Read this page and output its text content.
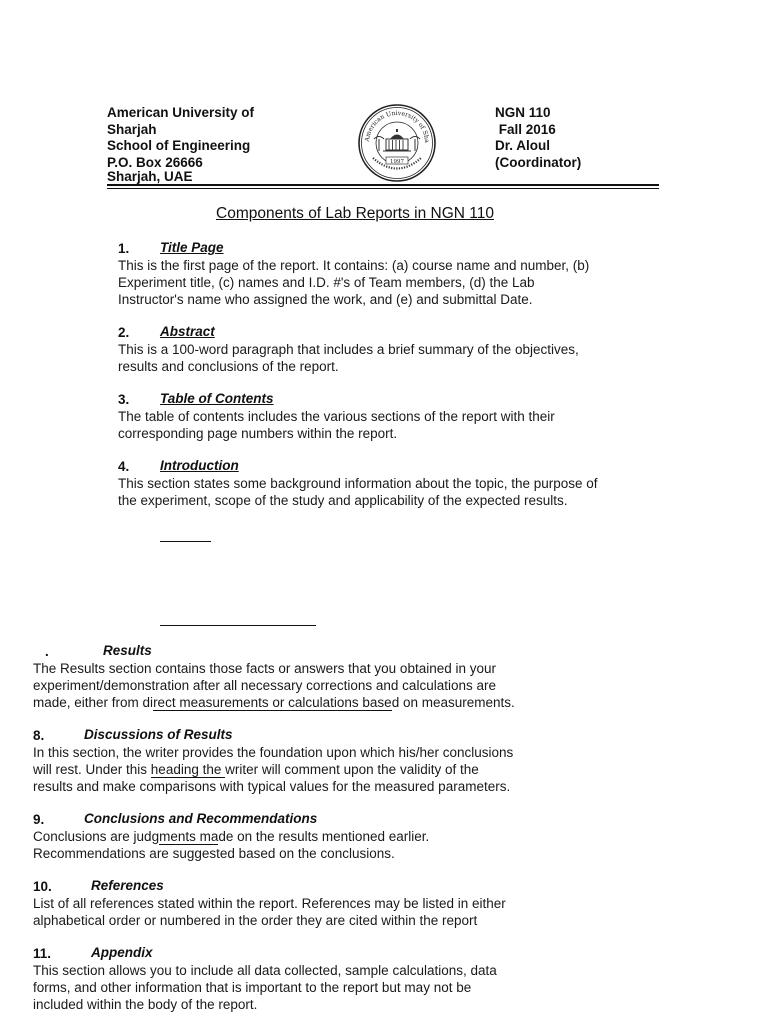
American University of
Sharjah
School of Engineering
P.O. Box 26666
Sharjah, UAE
American University of Sha
1997
NGN 110
Fall 2016
Dr. Aloul
(Coordinator)
Components of Lab Reports in NGN 110
1. Title Page
This is the first page of the report. It contains: (a) course name and number, (b)
Experiment title, (c) names and I.D. #'s of Team members, (d) the Lab
Instructor's name who assigned the work, and (e) and submittal Date.
2. Abstract
This is a 100-word paragraph that includes a brief summary of the objectives,
results and conclusions of the report.
3. Table of Contents
The table of contents includes the various sections of the report with their
corresponding page numbers within the report.
4. Introduction
This section states some background information about the topic, the purpose of
the experiment, scope of the study and applicability of the expected results.
.	Results
The Results section contains those facts or answers that you obtained in your
experiment/demonstration after all necessary corrections and calculations are
made, either from direct measurements or calculations based on measurements.
8.	Discussions of Results
In this section, the writer provides the foundation upon which his/her conclusions
will rest. Under this heading the writer will comment upon the validity of the
results and make comparisons with typical values for the measured parameters.
9.	Conclusions and Recommendations
Conclusions are judgments made on the results mentioned earlier.
Recommendations are suggested based on the conclusions.
10.	References
List of all references stated within the report. References may be listed in either
alphabetical order or numbered in the order they are cited within the report
11.	Appendix
This section allows you to include all data collected, sample calculations, data
forms, and other information that is important to the report but may not be
included within the body of the report.
